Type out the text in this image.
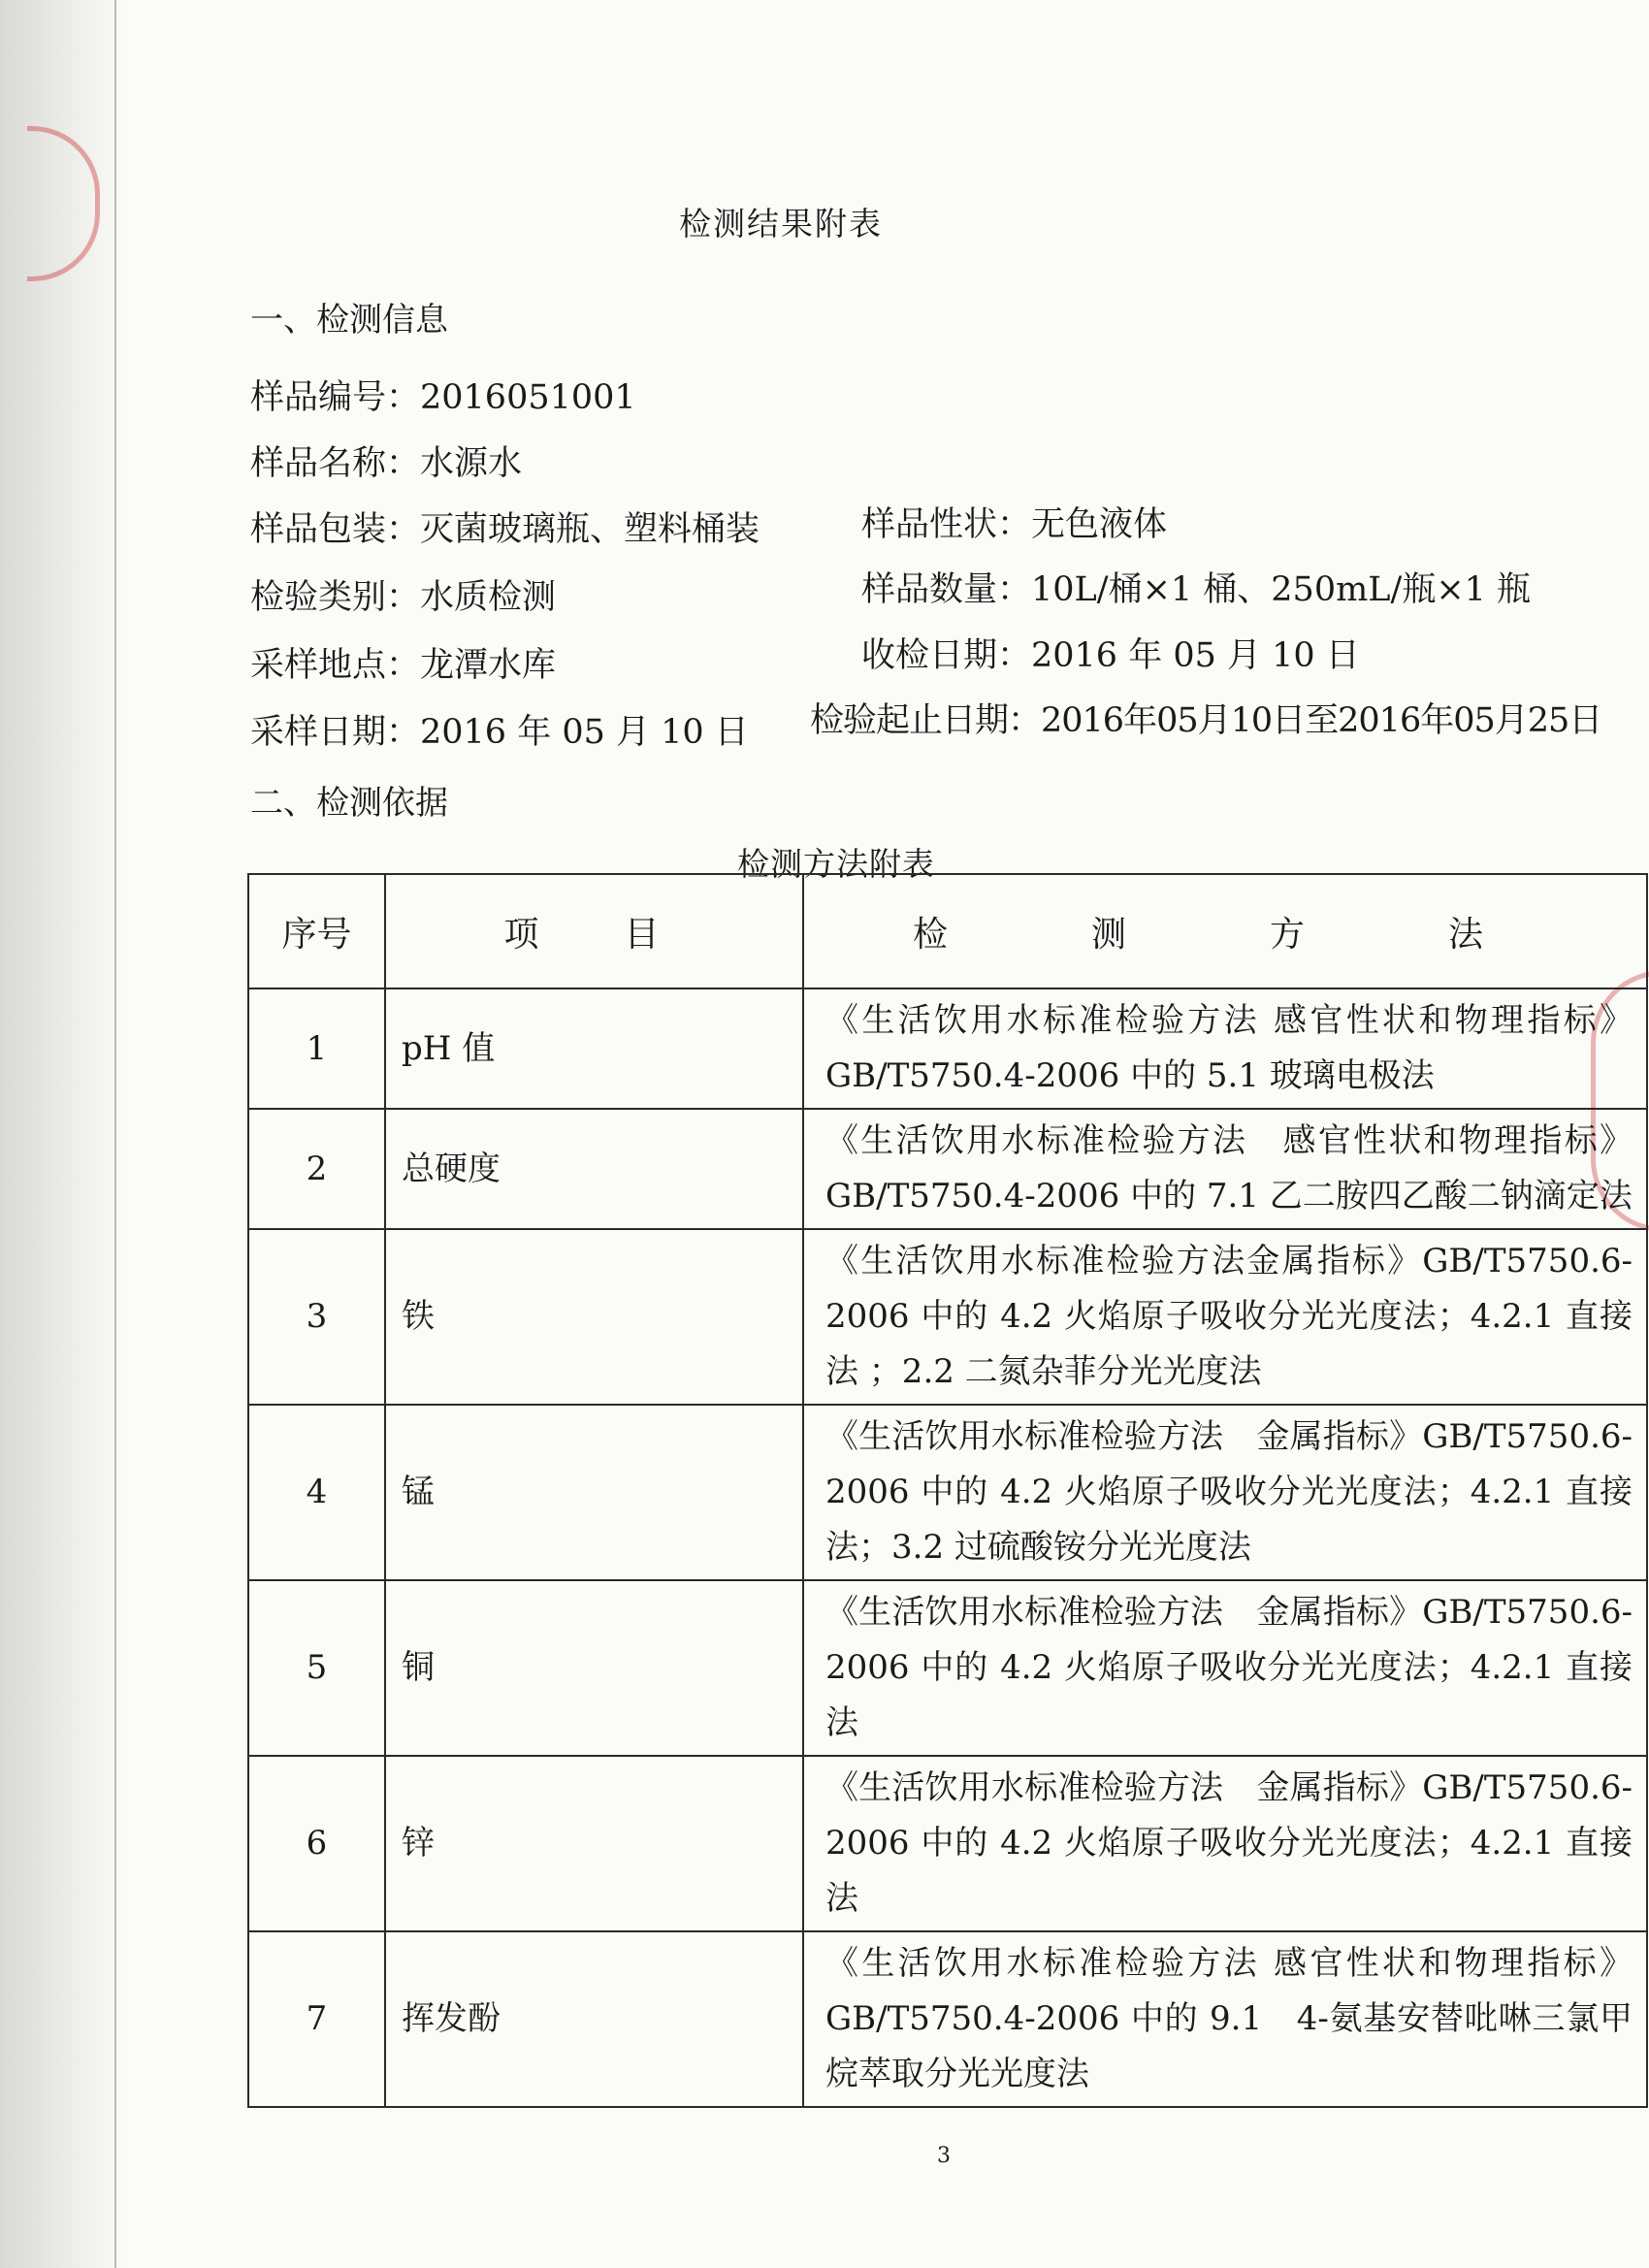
检测结果附表
一、检测信息
样品编号：2016051001
样品名称：水源水
样品包装：灭菌玻璃瓶、塑料桶装	样品性状：无色液体
检验类别：水质检测	样品数量：10L/桶×1 桶、250mL/瓶×1 瓶
采样地点：龙潭水库	收检日期：2016 年 05 月 10 日
采样日期：2016 年 05 月 10 日 检验起止日期：2016年05月10日至2016年05月25日
二、检测依据
检测方法附表
序号	项　目	检　测　方　法
1	pH 值	《生活饮用水标准检验方法 感官性状和物理指标》GB/T5750.4-2006 中的 5.1 玻璃电极法
2	总硬度	《生活饮用水标准检验方法　感官性状和物理指标》GB/T5750.4-2006 中的 7.1 乙二胺四乙酸二钠滴定法
3	铁	《生活饮用水标准检验方法金属指标》GB/T5750.6-2006 中的 4.2 火焰原子吸收分光光度法；4.2.1 直接法 ；2.2 二氮杂菲分光光度法
4	锰	《生活饮用水标准检验方法　金属指标》GB/T5750.6-2006 中的 4.2 火焰原子吸收分光光度法；4.2.1 直接法；3.2 过硫酸铵分光光度法
5	铜	《生活饮用水标准检验方法　金属指标》GB/T5750.6-2006 中的 4.2 火焰原子吸收分光光度法；4.2.1 直接法
6	锌	《生活饮用水标准检验方法　金属指标》GB/T5750.6-2006 中的 4.2 火焰原子吸收分光光度法；4.2.1 直接法
7	挥发酚	《生活饮用水标准检验方法 感官性状和物理指标》GB/T5750.4-2006 中的 9.1　4-氨基安替吡啉三氯甲烷萃取分光光度法
3
